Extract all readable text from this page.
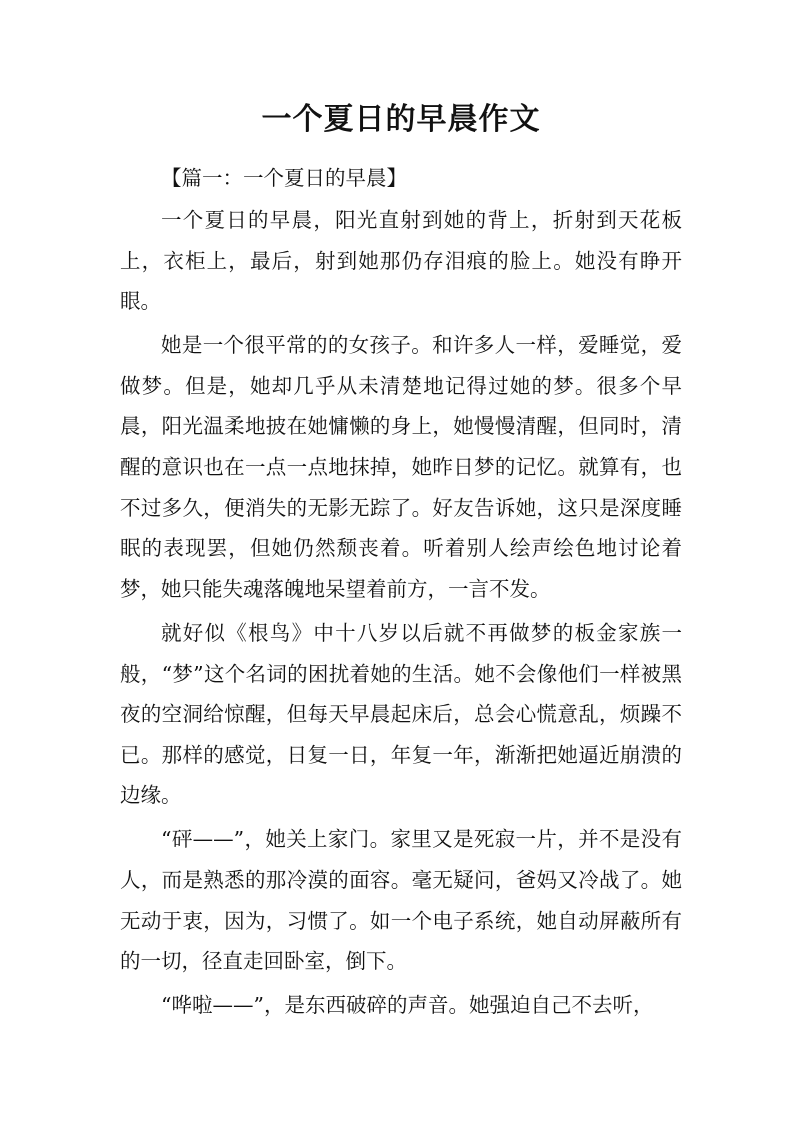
一个夏日的早晨作文

【篇一：一个夏日的早晨】

一个夏日的早晨，阳光直射到她的背上，折射到天花板上，衣柜上，最后，射到她那仍存泪痕的脸上。她没有睁开眼。

她是一个很平常的的女孩子。和许多人一样，爱睡觉，爱做梦。但是，她却几乎从未清楚地记得过她的梦。很多个早晨，阳光温柔地披在她慵懒的身上，她慢慢清醒，但同时，清醒的意识也在一点一点地抹掉，她昨日梦的记忆。就算有，也不过多久，便消失的无影无踪了。好友告诉她，这只是深度睡眠的表现罢，但她仍然颓丧着。听着别人绘声绘色地讨论着梦，她只能失魂落魄地呆望着前方，一言不发。

就好似《根鸟》中十八岁以后就不再做梦的板金家族一般，“梦”这个名词的困扰着她的生活。她不会像他们一样被黑夜的空洞给惊醒，但每天早晨起床后，总会心慌意乱，烦躁不已。那样的感觉，日复一日，年复一年，渐渐把她逼近崩溃的边缘。

“砰——”，她关上家门。家里又是死寂一片，并不是没有人，而是熟悉的那冷漠的面容。毫无疑问，爸妈又冷战了。她无动于衷，因为，习惯了。如一个电子系统，她自动屏蔽所有的一切，径直走回卧室，倒下。

“哗啦——”，是东西破碎的声音。她强迫自己不去听，
